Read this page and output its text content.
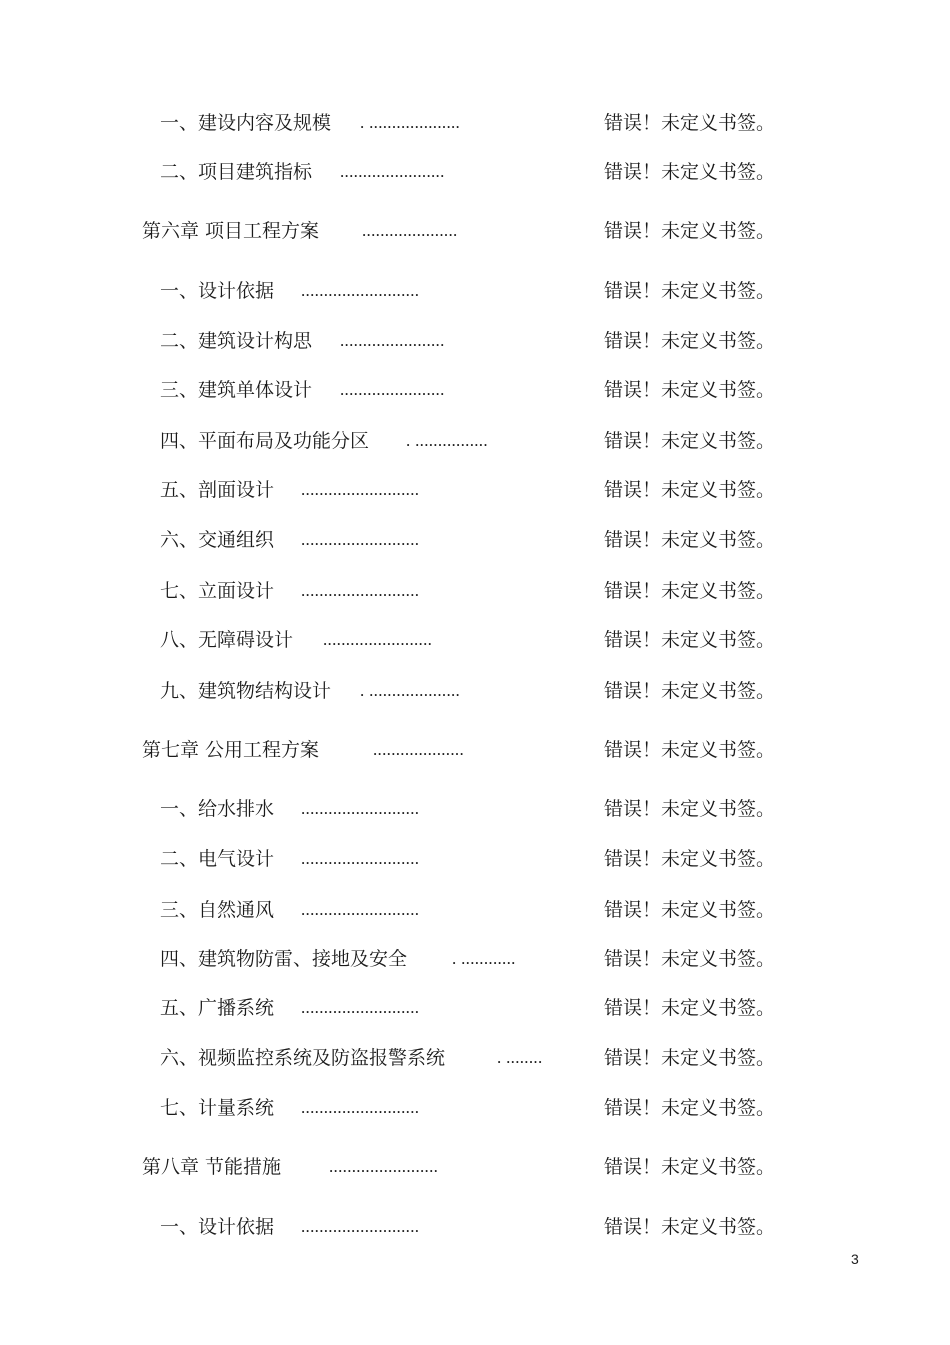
一、建设内容及规模 . ....................	错误！未定义书签。
二、项目建筑指标 .......................	错误！未定义书签。
第六章 项目工程方案	.....................	错误！未定义书签。
一、设计依据 ..........................	错误！未定义书签。
二、建筑设计构思 .......................	错误！未定义书签。
三、建筑单体设计 .......................	错误！未定义书签。
四、平面布局及功能分区 . ................	错误！未定义书签。
五、剖面设计 ..........................	错误！未定义书签。
六、交通组织 ..........................	错误！未定义书签。
七、立面设计 ..........................	错误！未定义书签。
八、无障碍设计 ........................	错误！未定义书签。
九、建筑物结构设计 . ....................	错误！未定义书签。
第七章 公用工程方案	....................	错误！未定义书签。
一、给水排水 ..........................	错误！未定义书签。
二、电气设计 ..........................	错误！未定义书签。
三、自然通风 ..........................	错误！未定义书签。
四、建筑物防雷、接地及安全	. ............	错误！未定义书签。
五、广播系统 ..........................	错误！未定义书签。
六、视频监控系统及防盗报警系统	. ........	错误！未定义书签。
七、计量系统 ..........................	错误！未定义书签。
第八章 节能措施	........................	错误！未定义书签。
一、设计依据 ..........................	错误！未定义书签。
3
